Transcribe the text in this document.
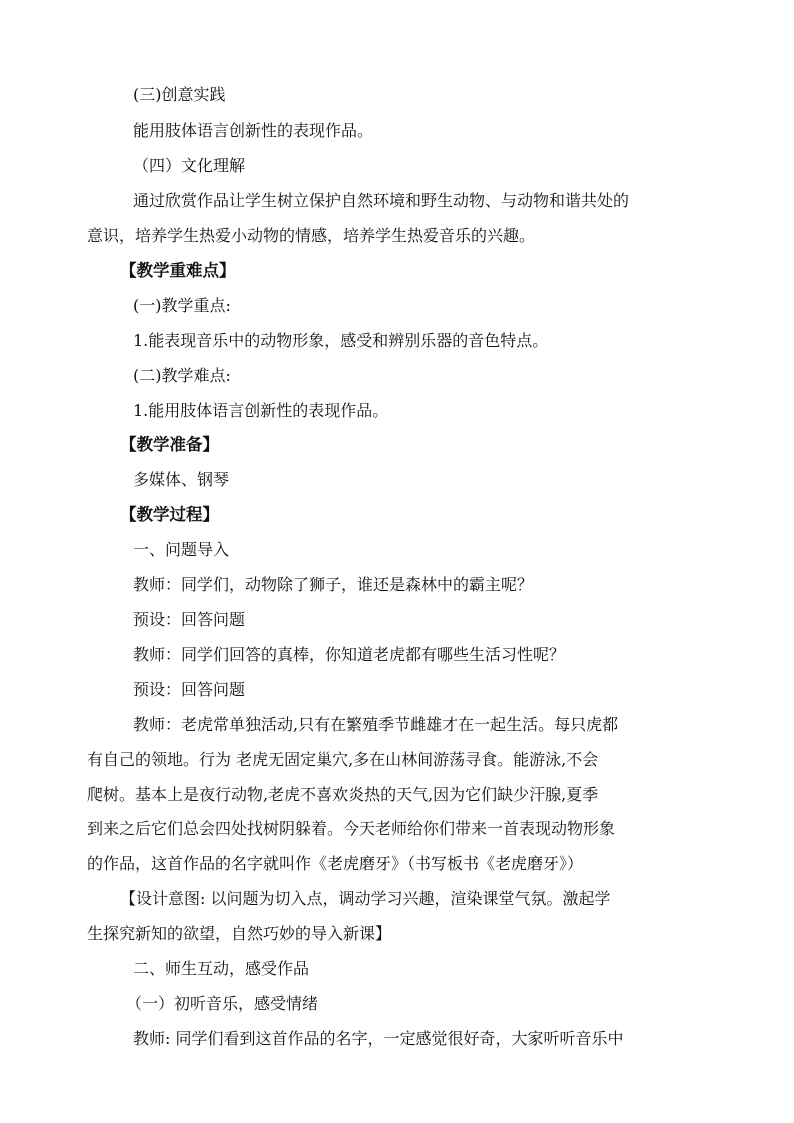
(三)创意实践
能用肢体语言创新性的表现作品。
（四）文化理解
通过欣赏作品让学生树立保护自然环境和野生动物、与动物和谐共处的
意识，培养学生热爱小动物的情感，培养学生热爱音乐的兴趣。
【教学重难点】
(一)教学重点:
1.能表现音乐中的动物形象，感受和辨别乐器的音色特点。
(二)教学难点:
1.能用肢体语言创新性的表现作品。
【教学准备】
多媒体、钢琴
【教学过程】
一、问题导入
教师：同学们，动物除了狮子，谁还是森林中的霸主呢？
预设：回答问题
教师：同学们回答的真棒，你知道老虎都有哪些生活习性呢？
预设：回答问题
教师：老虎常单独活动,只有在繁殖季节雌雄才在一起生活。每只虎都
有自己的领地。行为 老虎无固定巢穴,多在山林间游荡寻食。能游泳,不会
爬树。基本上是夜行动物,老虎不喜欢炎热的天气,因为它们缺少汗腺,夏季
到来之后它们总会四处找树阴躲着。今天老师给你们带来一首表现动物形象
的作品，这首作品的名字就叫作《老虎磨牙》（书写板书《老虎磨牙》）
【设计意图: 以问题为切入点，调动学习兴趣，渲染课堂气氛。激起学
生探究新知的欲望，自然巧妙的导入新课】
二、师生互动，感受作品
（一）初听音乐，感受情绪
教师: 同学们看到这首作品的名字，一定感觉很好奇，大家听听音乐中
